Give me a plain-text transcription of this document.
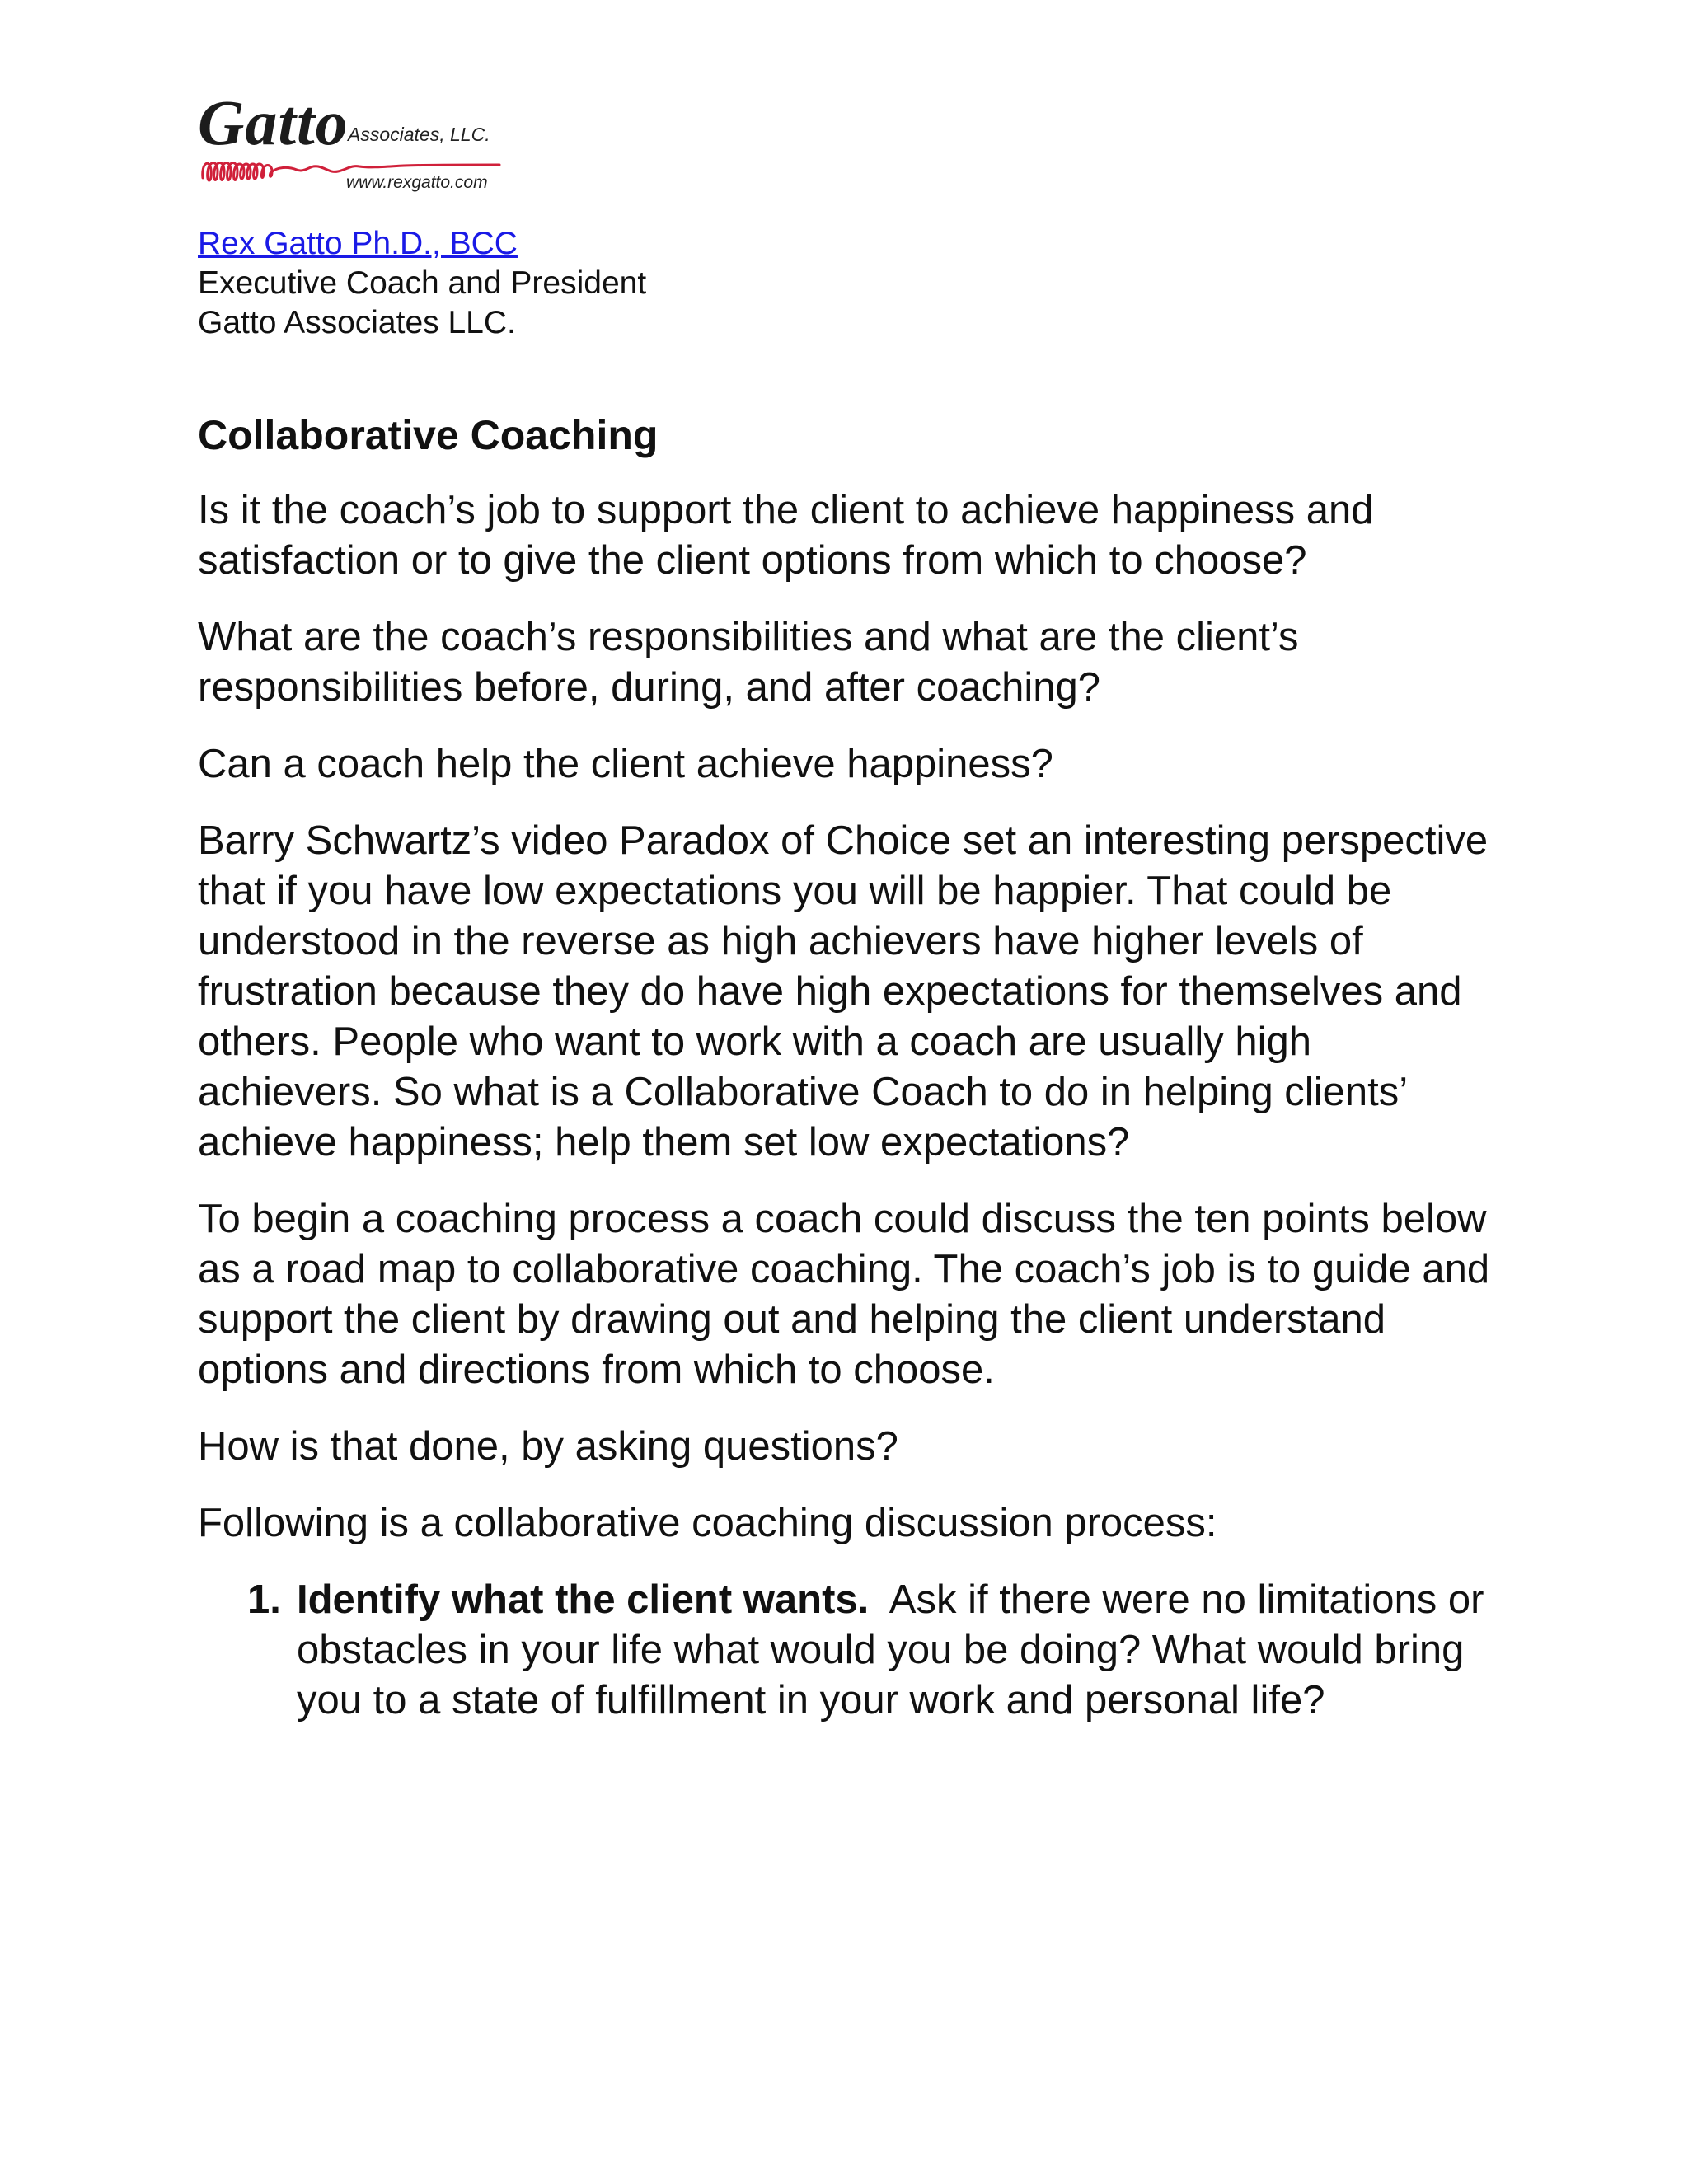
Gatto Associates, LLC.
www.rexgatto.com
Rex Gatto Ph.D., BCC
Executive Coach and President
Gatto Associates LLC.
Collaborative Coaching

Is it the coach’s job to support the client to achieve happiness and satisfaction or to give the client options from which to choose?

What are the coach’s responsibilities and what are the client’s responsibilities before, during, and after coaching?

Can a coach help the client achieve happiness?

Barry Schwartz’s video Paradox of Choice set an interesting perspective that if you have low expectations you will be happier. That could be understood in the reverse as high achievers have higher levels of frustration because they do have high expectations for themselves and others. People who want to work with a coach are usually high achievers. So what is a Collaborative Coach to do in helping clients’ achieve happiness; help them set low expectations?

To begin a coaching process a coach could discuss the ten points below as a road map to collaborative coaching. The coach’s job is to guide and support the client by drawing out and helping the client understand options and directions from which to choose.

How is that done, by asking questions?

Following is a collaborative coaching discussion process:

1. Identify what the client wants. Ask if there were no limitations or obstacles in your life what would you be doing? What would bring you to a state of fulfillment in your work and personal life?
